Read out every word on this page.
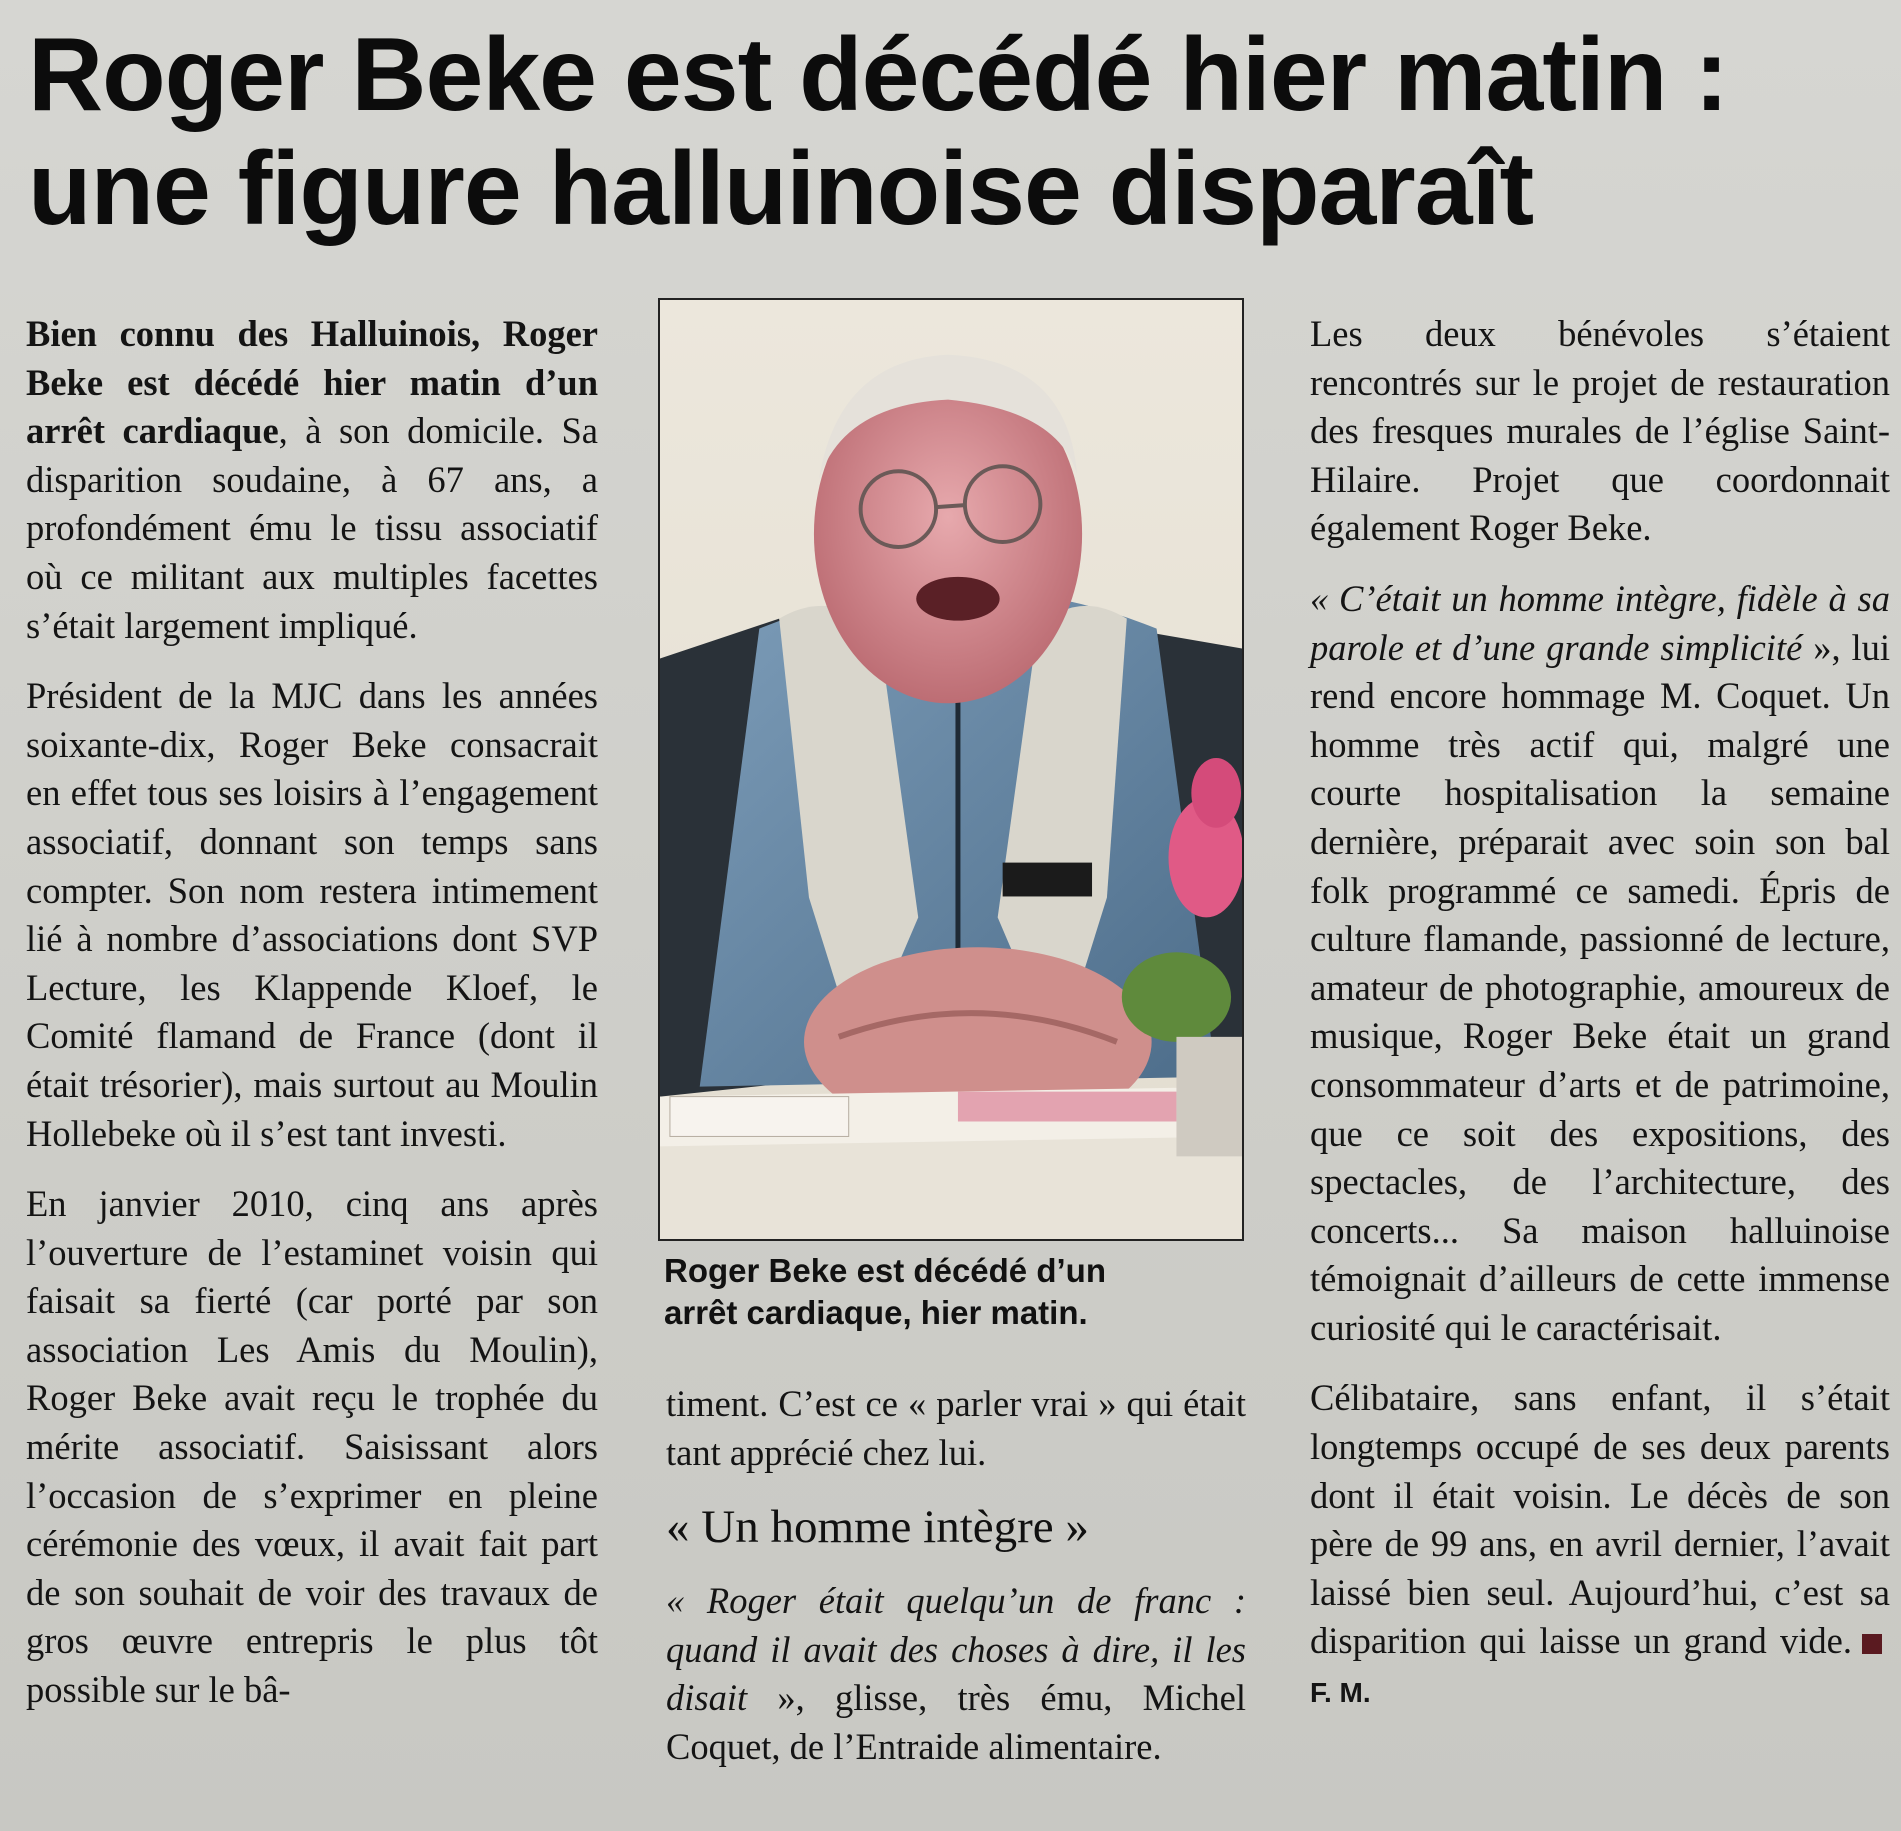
Roger Beke est décédé hier matin :
une figure halluinoise disparaît

Bien connu des Halluinois, Roger Beke est décédé hier matin d’un arrêt cardiaque, à son domicile. Sa disparition soudaine, à 67 ans, a profondément ému le tissu associatif où ce militant aux multiples facettes s’était largement impliqué.

Président de la MJC dans les années soixante-dix, Roger Beke consacrait en effet tous ses loisirs à l’engagement associatif, donnant son temps sans compter. Son nom restera intimement lié à nombre d’associations dont SVP Lecture, les Klappende Kloef, le Comité flamand de France (dont il était trésorier), mais surtout au Moulin Hollebeke où il s’est tant investi.

En janvier 2010, cinq ans après l’ouverture de l’estaminet voisin qui faisait sa fierté (car porté par son association Les Amis du Moulin), Roger Beke avait reçu le trophée du mérite associatif. Saisissant alors l’occasion de s’exprimer en pleine cérémonie des vœux, il avait fait part de son souhait de voir des travaux de gros œuvre entrepris le plus tôt possible sur le bâ-

Roger Beke est décédé d’un
arrêt cardiaque, hier matin.

timent. C’est ce « parler vrai » qui était tant apprécié chez lui.

« Un homme intègre »

« Roger était quelqu’un de franc : quand il avait des choses à dire, il les disait », glisse, très ému, Michel Coquet, de l’Entraide alimentaire.

Les deux bénévoles s’étaient rencontrés sur le projet de restauration des fresques murales de l’église Saint-Hilaire. Projet que coordonnait également Roger Beke.

« C’était un homme intègre, fidèle à sa parole et d’une grande simplicité », lui rend encore hommage M. Coquet. Un homme très actif qui, malgré une courte hospitalisation la semaine dernière, préparait avec soin son bal folk programmé ce samedi. Épris de culture flamande, passionné de lecture, amateur de photographie, amoureux de musique, Roger Beke était un grand consommateur d’arts et de patrimoine, que ce soit des expositions, des spectacles, de l’architecture, des concerts... Sa maison halluinoise témoignait d’ailleurs de cette immense curiosité qui le caractérisait.

Célibataire, sans enfant, il s’était longtemps occupé de ses deux parents dont il était voisin. Le décès de son père de 99 ans, en avril dernier, l’avait laissé bien seul. Aujourd’hui, c’est sa disparition qui laisse un grand vide.F. M.
